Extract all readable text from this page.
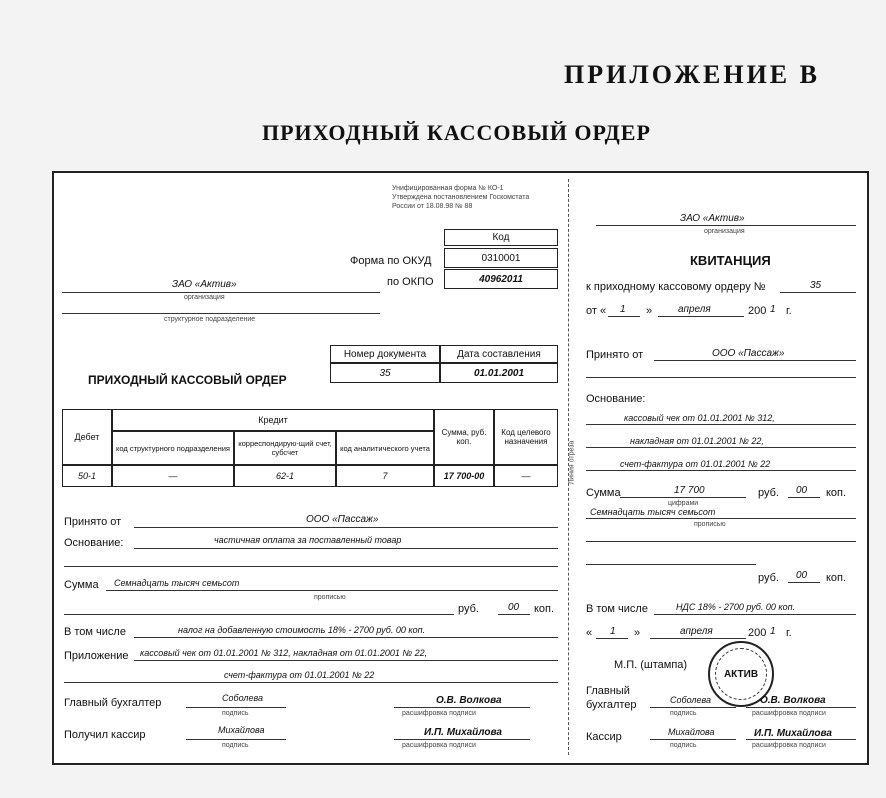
ПРИЛОЖЕНИЕ В
ПРИХОДНЫЙ КАССОВЫЙ ОРДЕР
Унифицированная форма № КО-1
Утверждена постановлением Госкомстата
России от 18.08.98 № 88
Код
0310001
40962011
Форма по ОКУД
по ОКПО
ЗАО «Актив»
организация
структурное подразделение
Номер документа	Дата составления
35	01.01.2001
ПРИХОДНЫЙ КАССОВЫЙ ОРДЕР
Дебет
Кредит
код структурного подразделения	корреспондирую-щий счет, субсчет	код аналитического учета
Сумма, руб. коп.
Код целевого назначения
50-1	—	62-1	7	17 700-00	—
Принято от	ООО «Пассаж»
Основание:	частичная оплата за поставленный товар
Сумма Семнадцать тысяч семьсот
прописью
руб.	00 коп.
В том числе	налог на добавленную стоимость 18% - 2700 руб. 00 коп.
Приложение кассовый чек от 01.01.2001 № 312, накладная от 01.01.2001 № 22,
счет-фактура от 01.01.2001 № 22
Главный бухгалтер	Соболева
подпись
О.В. Волкова
расшифровка подписи
Получил кассир	Михайлова
подпись
И.П. Михайлова
расшифровка подписи
Линия отреза
ЗАО «Актив»
организация
КВИТАНЦИЯ
к приходному кассовому ордеру №	35
от « 1 »	апреля	200 1 г.
Принято от	ООО «Пассаж»
Основание:
кассовый чек от 01.01.2001 № 312,
накладная от 01.01.2001 № 22,
счет-фактура от 01.01.2001 № 22
Сумма	17 700
цифрами
руб. 00 коп.
Семнадцать тысяч семьсот
прописью
руб. 00 коп.
В том числе	НДС 18% - 2700 руб. 00 коп.
« 1 »	апреля	200 1 г.
М.П. (штампа)
АКТИВ
Главный
бухгалтер	Соболева
подпись
О.В. Волкова
расшифровка подписи
Кассир	Михайлова
подпись
И.П. Михайлова
расшифровка подписи
